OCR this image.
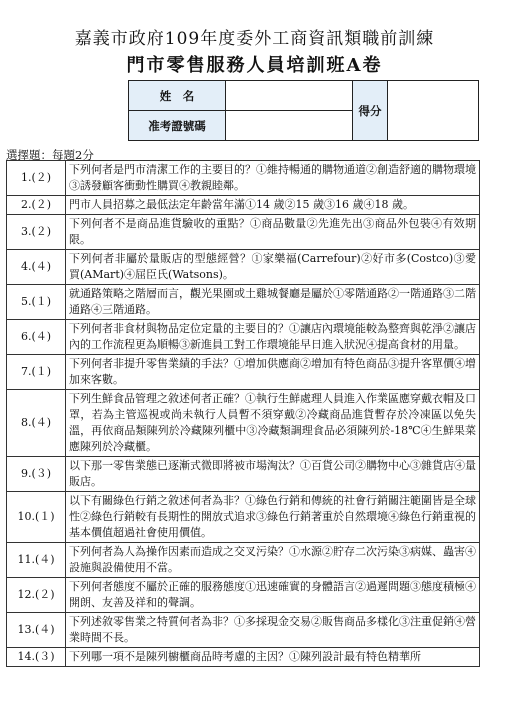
嘉義市政府109年度委外工商資訊類職前訓練
門市零售服務人員培訓班A卷
姓　名		得分	
准考證號碼			
選擇題：每題2分
1.(２)	下列何者是門市清潔工作的主要目的？①維持暢通的購物通道②創造舒適的購物環境③誘發顧客衝動性購買④教親睦鄰。
2.(２)	門市人員招募之最低法定年齡當年滿①14 歲②15 歲③16 歲④18 歲。
3.(２)	下列何者不是商品進貨驗收的重點？①商品數量②先進先出③商品外包裝④有效期限。
4.(４)	下列何者非屬於量販店的型態經營？①家樂福(Carrefour)②好市多(Costco)③愛買(AMart)④屈臣氏(Watsons)。
5.(１)	就通路策略之階層而言，觀光果園或土雞城餐廳是屬於①零階通路②一階通路③二階通路④三階通路。
6.(４)	下列何者非食材與物品定位定量的主要目的？①讓店內環境能較為整齊與乾淨②讓店內的工作流程更為順暢③新進員工對工作環境能早日進入狀況④提高食材的用量。
7.(１)	下列何者非提升零售業績的手法？①增加供應商②增加有特色商品③提升客單價④增加來客數。
8.(４)	下列生鮮食品管理之敘述何者正確？①執行生鮮處理人員進入作業區應穿戴衣帽及口罩，若為主管巡視或尚未執行人員暫不須穿戴②冷藏商品進貨暫存於冷凍區以免失溫，再依商品類陳列於冷藏陳列櫃中③冷藏類調理食品必須陳列於-18℃④生鮮果菜應陳列於冷藏櫃。
9.(３)	以下那一零售業態已逐漸式微即將被市場淘汰？①百貨公司②購物中心③雜貨店④量販店。
10.(１)	以下有關綠色行銷之敘述何者為非？①綠色行銷和傳統的社會行銷關注範圍皆是全球性②綠色行銷較有長期性的開放式追求③綠色行銷著重於自然環境④綠色行銷重視的基本價值超過社會使用價值。
11.(４)	下列何者為人為操作因素而造成之交叉污染？①水源②貯存二次污染③病媒、蟲害④設施與設備使用不當。
12.(２)	下列何者態度不屬於正確的服務態度①迅速確實的身體語言②過遲問題③態度積極④開朗、友善及祥和的聲調。
13.(４)	下列述敘零售業之特質何者為非？①多採現金交易②販售商品多樣化③注重促銷④營業時間不長。
14.(３)	下列哪一項不是陳列櫥櫃商品時考慮的主因？①陳列設計最有特色精華所
